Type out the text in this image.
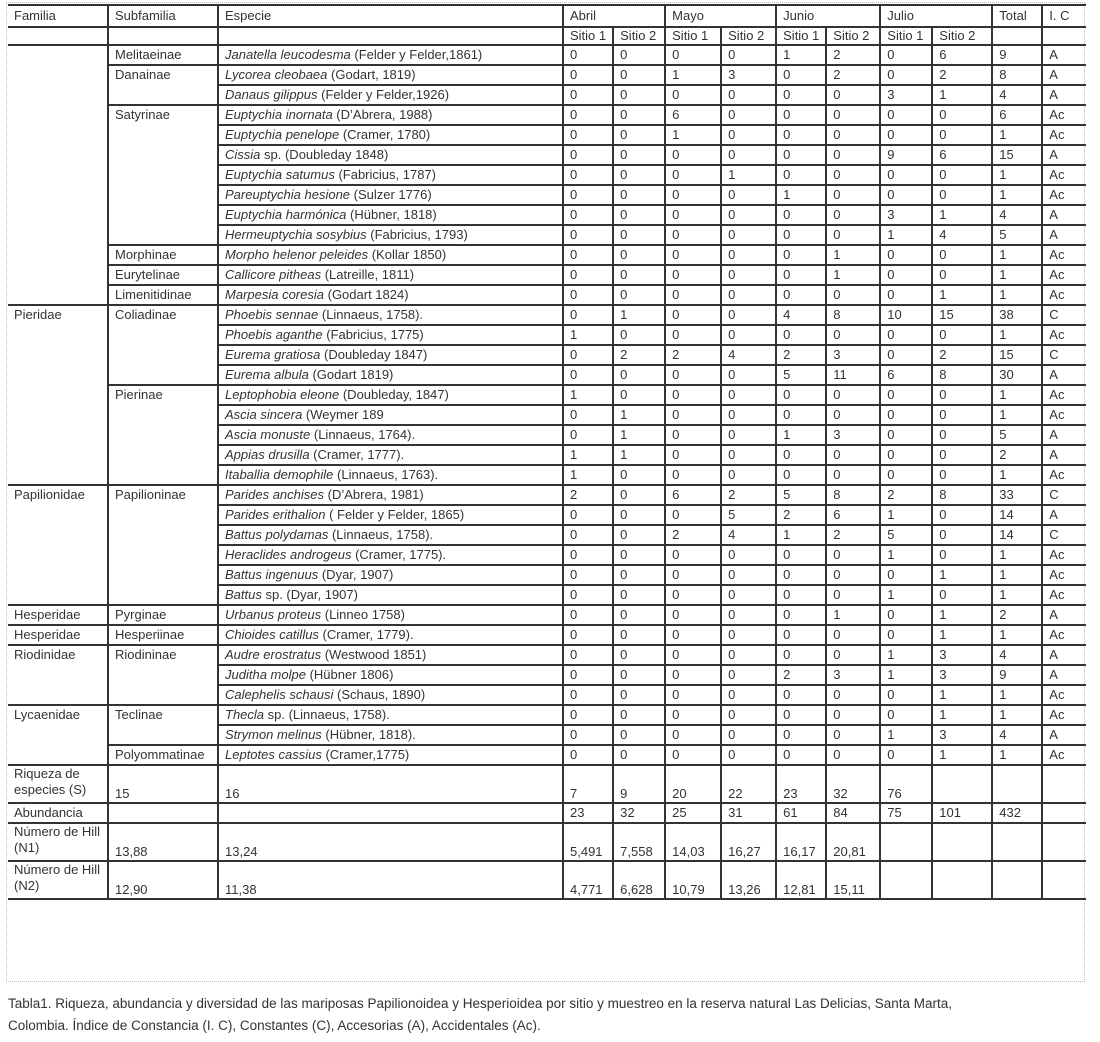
Familia	Subfamilia	Especie	Abril		Mayo		Junio		Julio		Total	I. C
			Sitio 1	Sitio 2	Sitio 1	Sitio 2	Sitio 1	Sitio 2	Sitio 1	Sitio 2		
	Melitaeinae	Janatella leucodesma (Felder y Felder,1861)	0	0	0	0	1	2	0	6	9	A
	Danainae	Lycorea cleobaea (Godart, 1819)	0	0	1	3	0	2	0	2	8	A
		Danaus gilippus (Felder y Felder,1926)	0	0	0	0	0	0	3	1	4	A
	Satyrinae	Euptychia inornata (D’Abrera, 1988)	0	0	6	0	0	0	0	0	6	Ac
		Euptychia penelope (Cramer, 1780)	0	0	1	0	0	0	0	0	1	Ac
		Cissia sp. (Doubleday 1848)	0	0	0	0	0	0	9	6	15	A
		Euptychia satumus (Fabricius, 1787)	0	0	0	1	0	0	0	0	1	Ac
		Pareuptychia hesione (Sulzer 1776)	0	0	0	0	1	0	0	0	1	Ac
		Euptychia harmónica (Hübner, 1818)	0	0	0	0	0	0	3	1	4	A
		Hermeuptychia sosybius (Fabricius, 1793)	0	0	0	0	0	0	1	4	5	A
	Morphinae	Morpho helenor peleides (Kollar 1850)	0	0	0	0	0	1	0	0	1	Ac
	Eurytelinae	Callicore pitheas (Latreille, 1811)	0	0	0	0	0	1	0	0	1	Ac
	Limenitidinae	Marpesia coresia (Godart 1824)	0	0	0	0	0	0	0	1	1	Ac
Pieridae	Coliadinae	Phoebis sennae (Linnaeus, 1758).	0	1	0	0	4	8	10	15	38	C
		Phoebis aganthe (Fabricius, 1775)	1	0	0	0	0	0	0	0	1	Ac
		Eurema gratiosa (Doubleday 1847)	0	2	2	4	2	3	0	2	15	C
		Eurema albula (Godart 1819)	0	0	0	0	5	11	6	8	30	A
	Pierinae	Leptophobia eleone (Doubleday, 1847)	1	0	0	0	0	0	0	0	1	Ac
		Ascia sincera (Weymer 189	0	1	0	0	0	0	0	0	1	Ac
		Ascia monuste (Linnaeus, 1764).	0	1	0	0	1	3	0	0	5	A
		Appias drusilla (Cramer, 1777).	1	1	0	0	0	0	0	0	2	A
		Itaballia demophile (Linnaeus, 1763).	1	0	0	0	0	0	0	0	1	Ac
Papilionidae	Papilioninae	Parides anchises (D’Abrera, 1981)	2	0	6	2	5	8	2	8	33	C
		Parides erithalion ( Felder y Felder, 1865)	0	0	0	5	2	6	1	0	14	A
		Battus polydamas (Linnaeus, 1758).	0	0	2	4	1	2	5	0	14	C
		Heraclides androgeus (Cramer, 1775).	0	0	0	0	0	0	1	0	1	Ac
		Battus ingenuus (Dyar, 1907)	0	0	0	0	0	0	0	1	1	Ac
		Battus sp. (Dyar, 1907)	0	0	0	0	0	0	1	0	1	Ac
Hesperidae	Pyrginae	Urbanus proteus (Linneo 1758)	0	0	0	0	0	1	0	1	2	A
Hesperidae	Hesperiinae	Chioides catillus (Cramer, 1779).	0	0	0	0	0	0	0	1	1	Ac
Riodinidae	Riodininae	Audre erostratus (Westwood 1851)	0	0	0	0	0	0	1	3	4	A
		Juditha molpe (Hübner 1806)	0	0	0	0	2	3	1	3	9	A
		Calephelis schausi (Schaus, 1890)	0	0	0	0	0	0	0	1	1	Ac
Lycaenidae	Teclinae	Thecla sp. (Linnaeus, 1758).	0	0	0	0	0	0	0	1	1	Ac
		Strymon melinus (Hübner, 1818).	0	0	0	0	0	0	1	3	4	A
	Polyommatinae	Leptotes cassius (Cramer,1775)	0	0	0	0	0	0	0	1	1	Ac
Riqueza de especies (S)	15	16	7	9	20	22	23	32	76			
Abundancia			23	32	25	31	61	84	75	101	432	
Número de Hill (N1)	13,88	13,24	5,491	7,558	14,03	16,27	16,17	20,81				
Número de Hill (N2)	12,90	11,38	4,771	6,628	10,79	13,26	12,81	15,11				
Tabla1. Riqueza, abundancia y diversidad de las mariposas Papilionoidea y Hesperioidea por sitio y muestreo en la reserva natural Las Delicias, Santa Marta,
Colombia. Índice de Constancia (I. C), Constantes (C), Accesorias (A), Accidentales (Ac).
